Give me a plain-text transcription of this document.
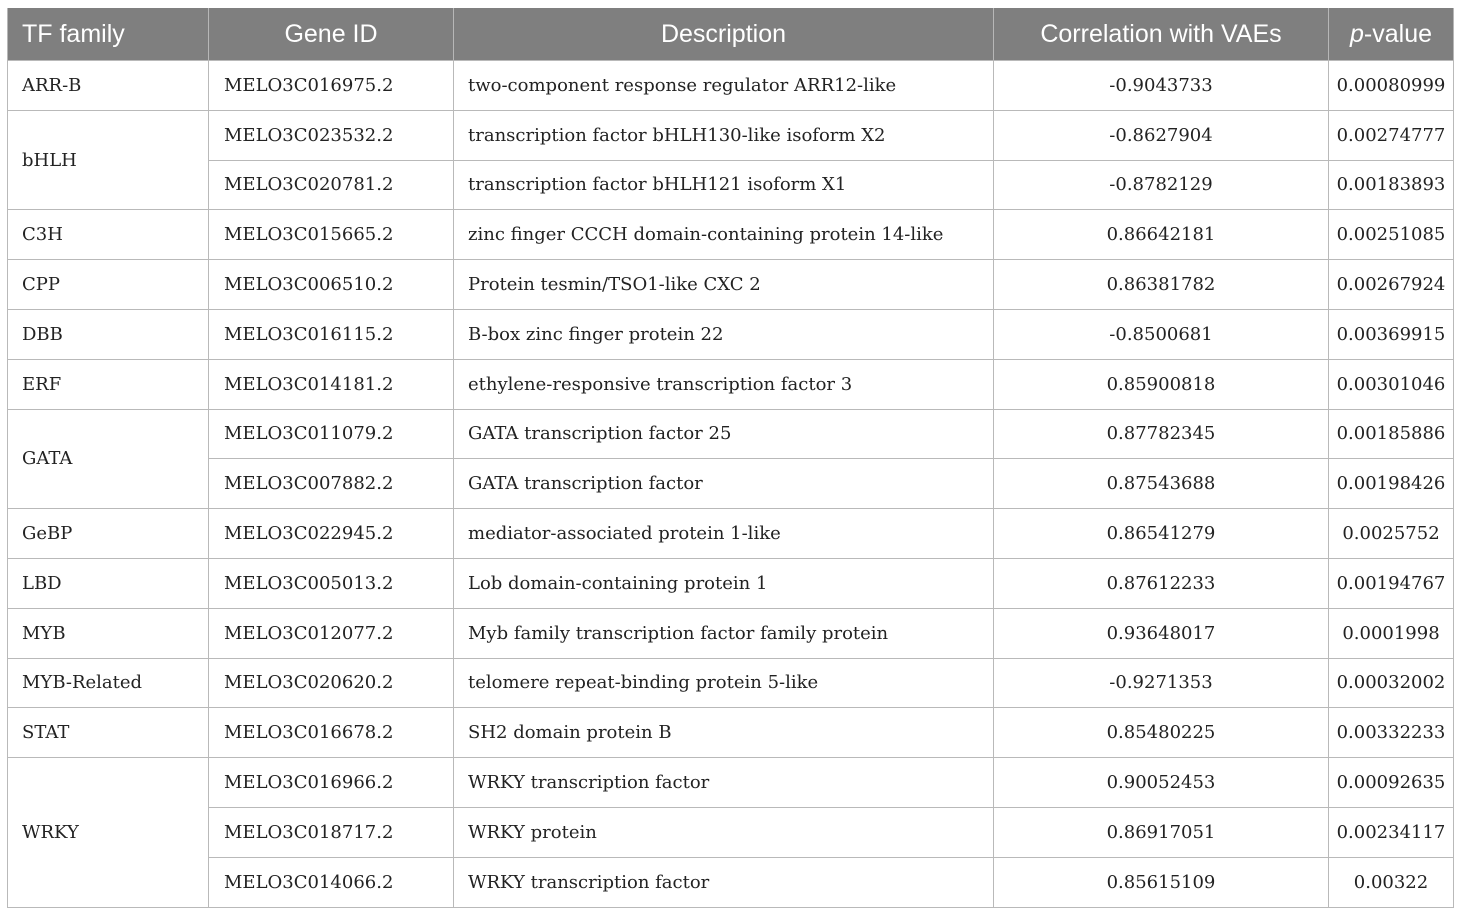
TF family	Gene ID	Description	Correlation with VAEs	p-value
ARR-B	MELO3C016975.2	two-component response regulator ARR12-like	-0.9043733	0.00080999
bHLH	MELO3C023532.2	transcription factor bHLH130-like isoform X2	-0.8627904	0.00274777
	MELO3C020781.2	transcription factor bHLH121 isoform X1	-0.8782129	0.00183893
C3H	MELO3C015665.2	zinc finger CCCH domain-containing protein 14-like	0.86642181	0.00251085
CPP	MELO3C006510.2	Protein tesmin/TSO1-like CXC 2	0.86381782	0.00267924
DBB	MELO3C016115.2	B-box zinc finger protein 22	-0.8500681	0.00369915
ERF	MELO3C014181.2	ethylene-responsive transcription factor 3	0.85900818	0.00301046
GATA	MELO3C011079.2	GATA transcription factor 25	0.87782345	0.00185886
	MELO3C007882.2	GATA transcription factor	0.87543688	0.00198426
GeBP	MELO3C022945.2	mediator-associated protein 1-like	0.86541279	0.0025752
LBD	MELO3C005013.2	Lob domain-containing protein 1	0.87612233	0.00194767
MYB	MELO3C012077.2	Myb family transcription factor family protein	0.93648017	0.0001998
MYB-Related	MELO3C020620.2	telomere repeat-binding protein 5-like	-0.9271353	0.00032002
STAT	MELO3C016678.2	SH2 domain protein B	0.85480225	0.00332233
WRKY	MELO3C016966.2	WRKY transcription factor	0.90052453	0.00092635
	MELO3C018717.2	WRKY protein	0.86917051	0.00234117
	MELO3C014066.2	WRKY transcription factor	0.85615109	0.00322
